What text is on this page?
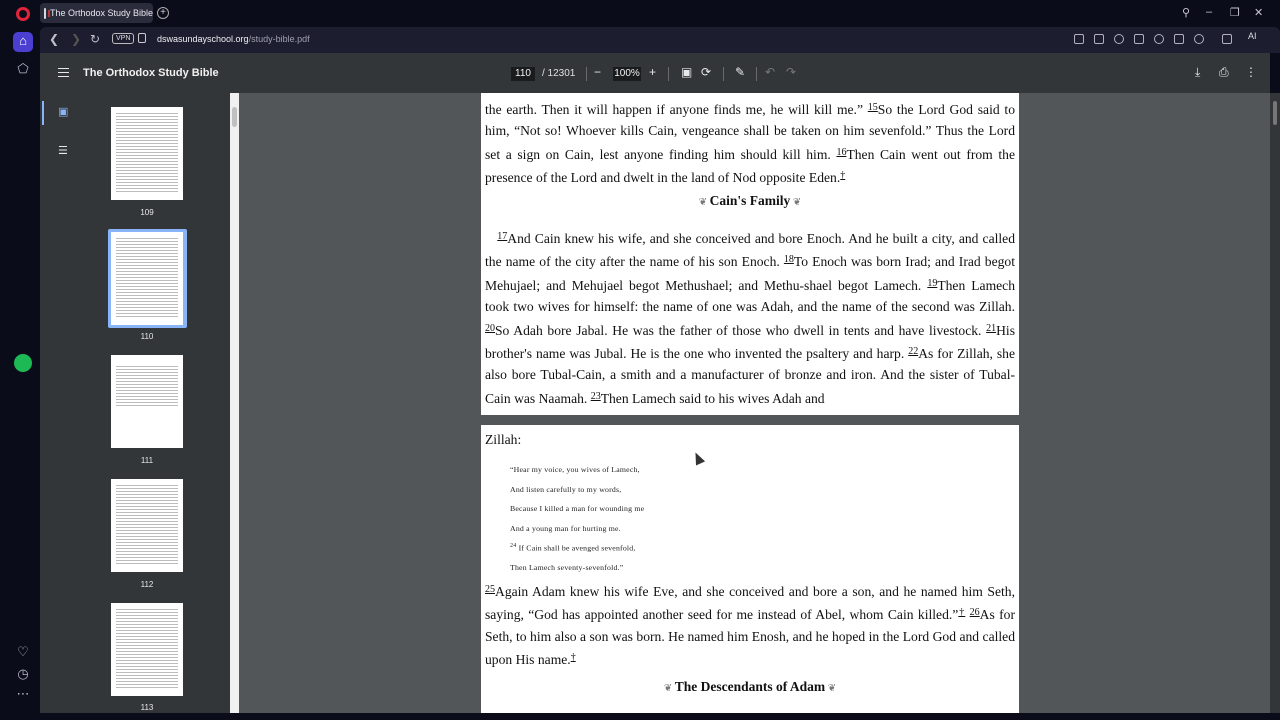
The Orthodox Study Bible +	⚲ – ❐ ✕
⌂
⬠
♡
◷
⋯
❮ ❯ ↻	VPN	dswasundayschool.org/study-bible.pdf	AI
The Orthodox Study Bible	110	/ 12301 − 100% + ▣ ⟳ ✎ ↶ ↷	⤓ ⎙ ⋮
▣
☰
109
110
111
112
113
the earth. Then it will happen if anyone finds me, he will kill me.” $^{15}$So the Lord God said to him, “Not so! Whoever kills Cain, vengeance shall be taken on him sevenfold.” Thus the Lord set a sign on Cain, lest anyone finding him should kill him. $^{16}$Then Cain went out from the presence of the Lord and dwelt in the land of Nod opposite Eden.†
❦ Cain's Family ❦
$^{17}$And Cain knew his wife, and she conceived and bore Enoch. And he built a city, and called the name of the city after the name of his son Enoch. $^{18}$To Enoch was born Irad; and Irad begot Mehujael; and Mehujael begot Methushael; and Methu-shael begot Lamech. $^{19}$Then Lamech took two wives for himself: the name of one was Adah, and the name of the second was Zillah. $^{20}$So Adah bore Jabal. He was the father of those who dwell in tents and have livestock. $^{21}$His brother's name was Jubal. He is the one who invented the psaltery and harp. $^{22}$As for Zillah, she also bore Tubal-Cain, a smith and a manufacturer of bronze and iron. And the sister of Tubal-Cain was Naamah. $^{23}$Then Lamech said to his wives Adah and
Zillah:
“Hear my voice, you wives of Lamech,
And listen carefully to my words,
Because I killed a man for wounding me
And a young man for hurting me.
$^{24}$ If Cain shall be avenged sevenfold,
Then Lamech seventy-sevenfold.”
$^{25}$Again Adam knew his wife Eve, and she conceived and bore a son, and he named him Seth, saying, “God has appointed another seed for me instead of Abel, whom Cain killed.”† $^{26}$As for Seth, to him also a son was born. He named him Enosh, and he hoped in the Lord God and called upon His name.†
❦ The Descendants of Adam ❦
